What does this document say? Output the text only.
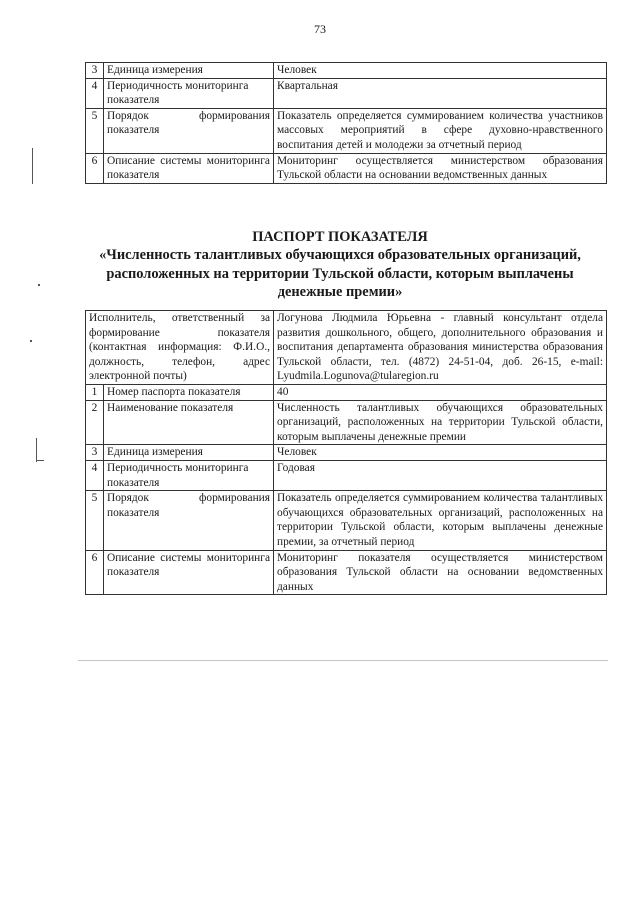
73
3	Единица измерения	Человек
4	Периодичность мониторинга показателя	Квартальная
5	Порядок формирования показателя	Показатель определяется суммированием количества участников массовых мероприятий в сфере духовно-нравственного воспитания детей и молодежи за отчетный период
6	Описание системы мониторинга показателя	Мониторинг осуществляется министерством образования Тульской области на основании ведомственных данных
ПАСПОРТ ПОКАЗАТЕЛЯ
«Численность талантливых обучающихся образовательных организаций, расположенных на территории Тульской области, которым выплачены денежные премии»
Исполнитель, ответственный за формирование показателя (контактная информация: Ф.И.О., должность, телефон, адрес электронной почты)		Логунова Людмила Юрьевна - главный консультант отдела развития дошкольного, общего, дополнительного образования и воспитания департамента образования министерства образования Тульской области, тел. (4872) 24-51-04, доб. 26-15, e-mail: Lyudmila.Logunova@tularegion.ru
1	Номер паспорта показателя	40
2	Наименование показателя	Численность талантливых обучающихся образовательных организаций, расположенных на территории Тульской области, которым выплачены денежные премии
3	Единица измерения	Человек
4	Периодичность мониторинга показателя	Годовая
5	Порядок формирования показателя	Показатель определяется суммированием количества талантливых обучающихся образовательных организаций, расположенных на территории Тульской области, которым выплачены денежные премии, за отчетный период
6	Описание системы мониторинга показателя	Мониторинг показателя осуществляется министерством образования Тульской области на основании ведомственных данных
